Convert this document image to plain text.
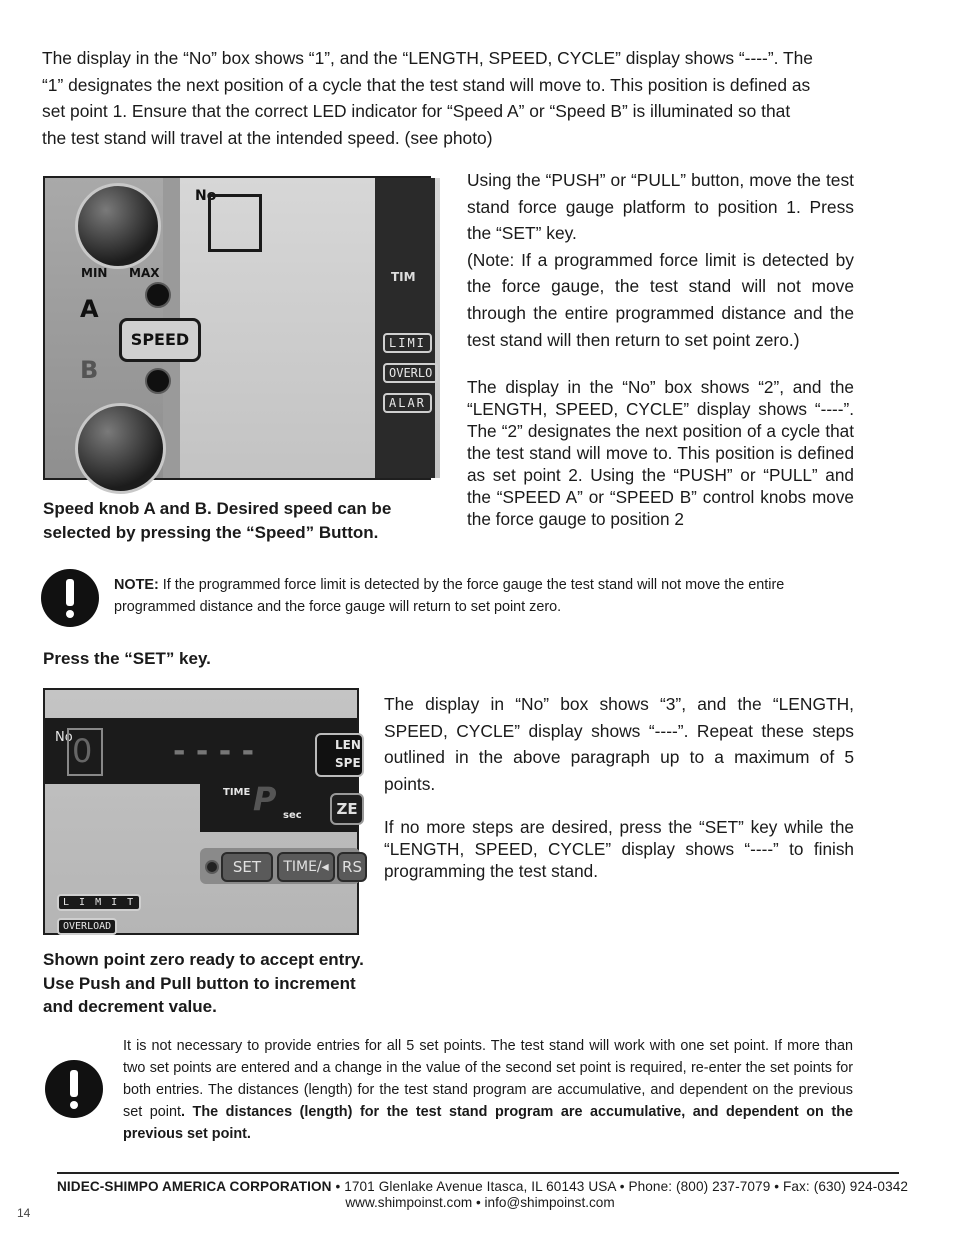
The display in the “No” box shows “1”, and the “LENGTH, SPEED, CYCLE” display shows “----”. The
“1” designates the next position of a cycle that the test stand will move to. This position is defined as
set point 1. Ensure that the correct LED indicator for “Speed A” or “Speed B” is illuminated so that
the test stand will travel at the intended speed. (see photo)
MIN MAX
A
B
SPEED
No
TIM
LIMI
OVERLO
ALAR
Speed knob A and B. Desired speed can be selected by pressing the “Speed” Button.
Using the “PUSH” or “PULL” button, move the test stand force gauge platform to position 1. Press the “SET” key.
(Note: If a programmed force limit is detected by the force gauge, the test stand will not move through the entire programmed distance and the test stand will then return to set point zero.)
The display in the “No” box shows “2”, and the “LENGTH, SPEED, CYCLE” display shows “----”. The “2” designates the next position of a cycle that the test stand will move to. This position is defined as set point 2. Using the “PUSH” or “PULL” and the “SPEED A” or “SPEED B” control knobs move the force gauge to position 2
NOTE: If the programmed force limit is detected by the force gauge the test stand will not move the entire programmed distance and the force gauge will return to set point zero.
Press the “SET” key.
No 0	- - - -	LEN
SPE
TIME P sec	ZE
SET	TIME/◂ RS
L I M I T
OVERLOAD
Shown point zero ready to accept entry. Use Push and Pull button to increment and decrement value.
The display in “No” box shows “3”, and the “LENGTH, SPEED, CYCLE” display shows “----”. Repeat these steps outlined in the above paragraph up to a maximum of 5 points.
If no more steps are desired, press the “SET” key while the “LENGTH, SPEED, CYCLE” display shows “----” to finish programming the test stand.
It is not necessary to provide entries for all 5 set points. The test stand will work with one set point. If more than two set points are entered and a change in the value of the second set point is required, re-enter the set points for both entries. The distances (length) for the test stand program are accumulative, and dependent on the previous set point. The distances (length) for the test stand program are accumulative, and dependent on the previous set point.
NIDEC-SHIMPO AMERICA CORPORATION • 1701 Glenlake Avenue Itasca, IL 60143 USA • Phone: (800) 237-7079 • Fax: (630) 924-0342
www.shimpoinst.com • info@shimpoinst.com
14
